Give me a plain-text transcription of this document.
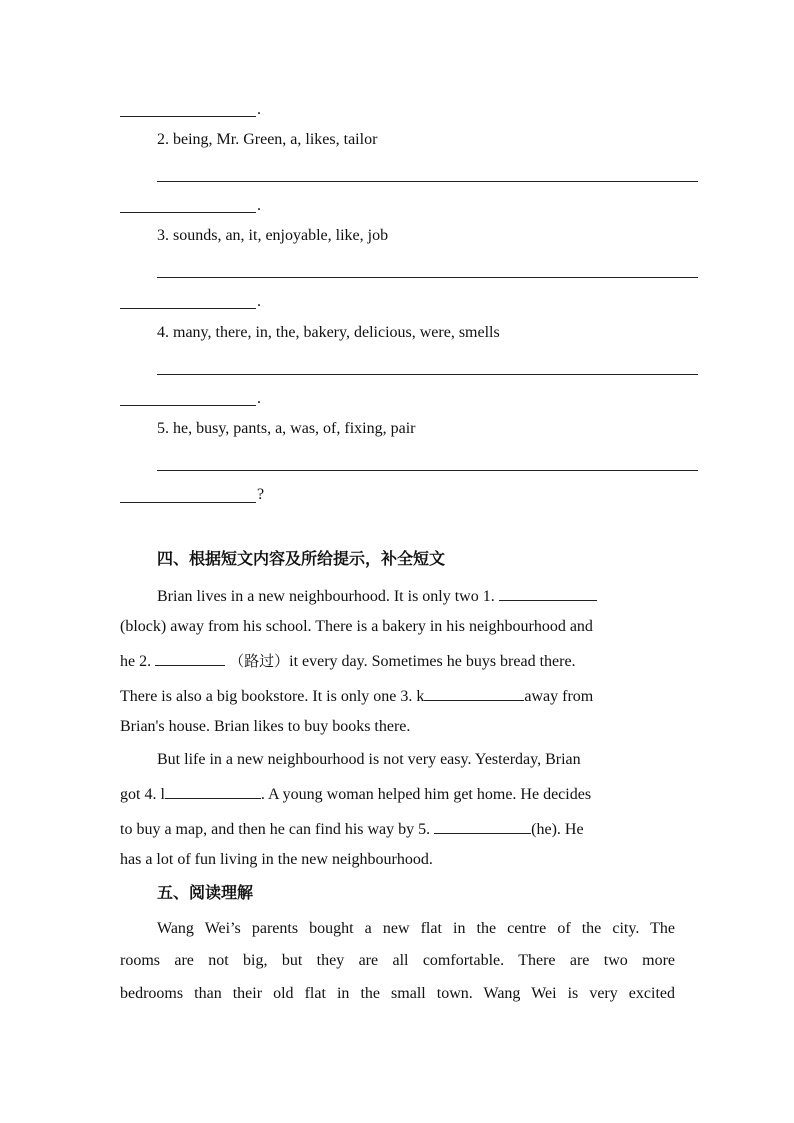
.
2. being, Mr. Green, a, likes, tailor
.
3. sounds, an, it, enjoyable, like, job
.
4. many, there, in, the, bakery, delicious, were, smells
.
5. he, busy, pants, a, was, of, fixing, pair
?
四、根据短文内容及所给提示，补全短文
Brian lives in a new neighbourhood. It is only two 1.
(block) away from his school. There is a bakery in his neighbourhood and
he 2.	（路过）it every day. Sometimes he buys bread there.
There is also a big bookstore. It is only one 3. k	away from
Brian's house. Brian likes to buy books there.
But life in a new neighbourhood is not very easy. Yesterday, Brian
got 4. l	. A young woman helped him get home. He decides
to buy a map, and then he can find his way by 5.	(he). He
has a lot of fun living in the new neighbourhood.
五、阅读理解
Wang Wei’s parents bought a new flat in the centre of the city. The
rooms are not big, but they are all comfortable. There are two more
bedrooms than their old flat in the small town. Wang Wei is very excited
